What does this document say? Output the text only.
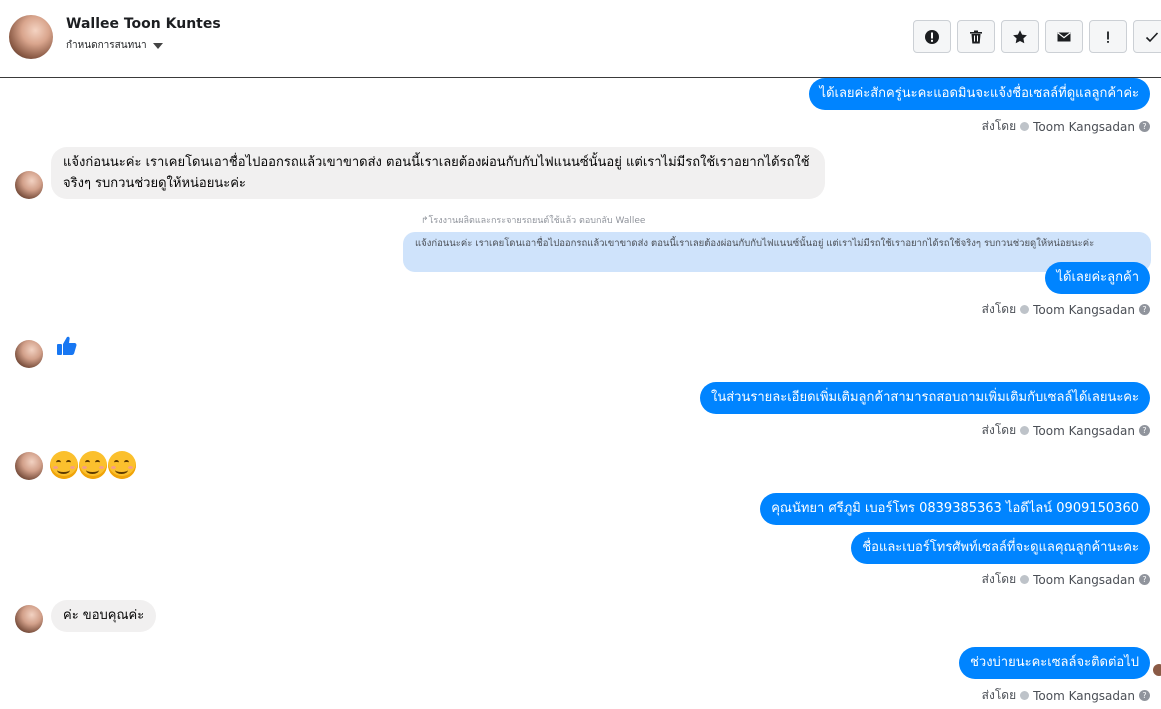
Wallee Toon Kuntes
กำหนดการสนทนา
ได้เลยค่ะสักครู่นะคะแอดมินจะแจ้งชื่อเซลล์ที่ดูแลลูกค้าค่ะ
ส่งโดย Toom Kangsadan ?
แจ้งก่อนนะค่ะ เราเคยโดนเอาชื่อไปออกรถแล้วเขาขาดส่ง ตอนนี้เราเลยต้องผ่อนกับกับไฟแนนซ์นั้นอยู่ แต่เราไม่มีรถใช้เราอยากได้รถใช้จริงๆ รบกวนช่วยดูให้หน่อยนะค่ะ
↱โรงงานผลิตและกระจายรถยนต์ใช้แล้ว ตอบกลับ Wallee
แจ้งก่อนนะค่ะ เราเคยโดนเอาชื่อไปออกรถแล้วเขาขาดส่ง ตอนนี้เราเลยต้องผ่อนกับกับไฟแนนซ์นั้นอยู่ แต่เราไม่มีรถใช้เราอยากได้รถใช้จริงๆ รบกวนช่วยดูให้หน่อยนะค่ะ
ได้เลยค่ะลูกค้า
ส่งโดย Toom Kangsadan ?
ในส่วนรายละเอียดเพิ่มเติมลูกค้าสามารถสอบถามเพิ่มเติมกับเซลล์ได้เลยนะคะ
ส่งโดย Toom Kangsadan ?
คุณนัทยา ศรีภูมิ เบอร์โทร 0839385363 ไอดีไลน์ 0909150360
ชื่อและเบอร์โทรศัพท์เซลล์ที่จะดูแลคุณลูกค้านะคะ
ส่งโดย Toom Kangsadan ?
ค่ะ ขอบคุณค่ะ
ช่วงบ่ายนะคะเซลล์จะติดต่อไป
ส่งโดย Toom Kangsadan ?
